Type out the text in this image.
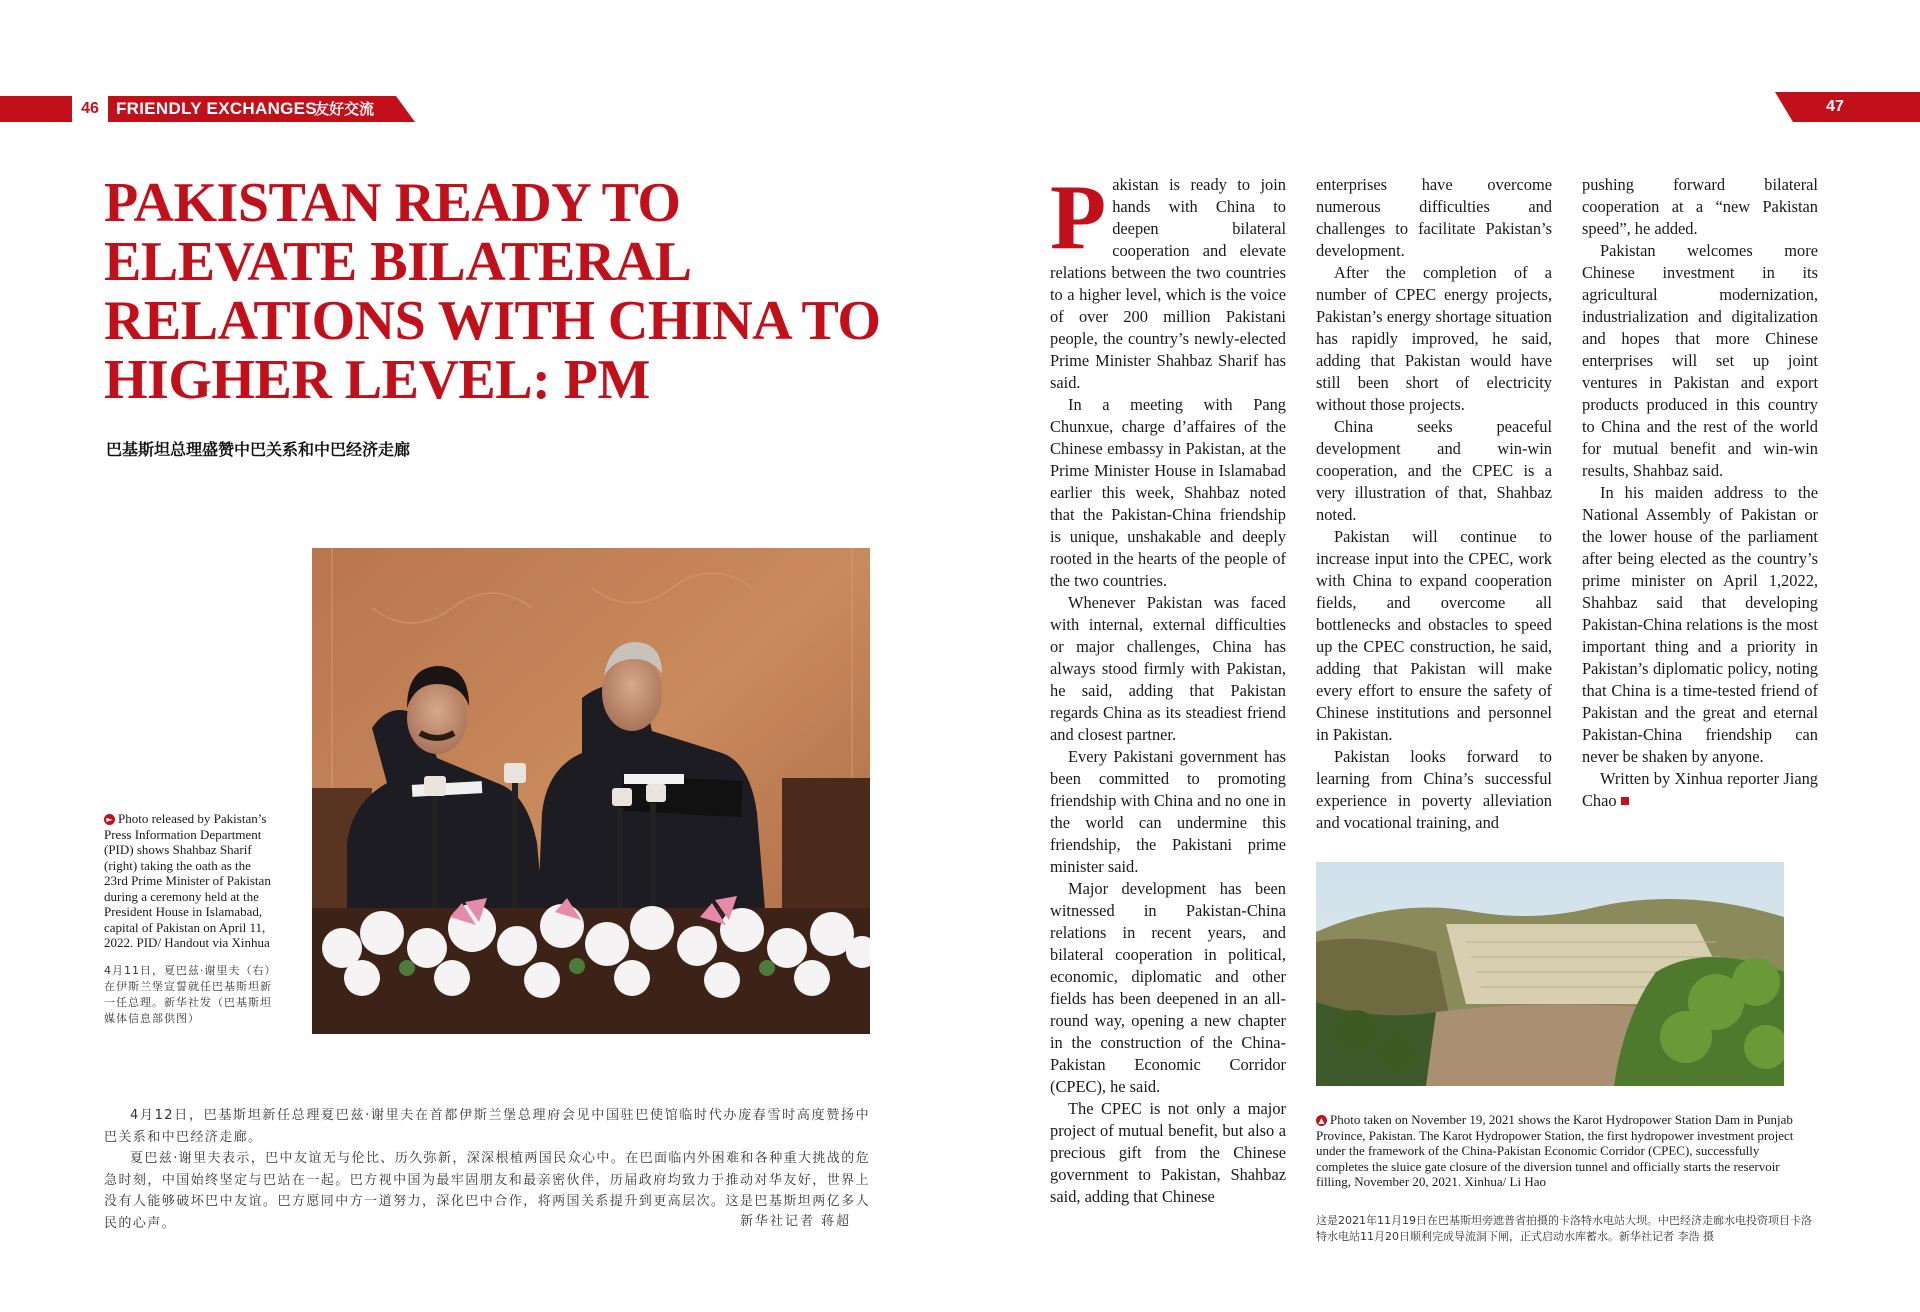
46	FRIENDLY EXCHANGES
友好交流	47
PAKISTAN READY TO
ELEVATE BILATERAL
RELATIONS WITH CHINA TO
HIGHER LEVEL: PM
巴基斯坦总理盛赞中巴关系和中巴经济走廊
► Photo released by Pakistan’s Press Information Department (PID) shows Shahbaz Sharif (right) taking the oath as the 23rd Prime Minister of Pakistan during a ceremony held at the President House in Islamabad, capital of Pakistan on April 11, 2022. PID/ Handout via Xinhua
4月11日，夏巴兹·谢里夫（右）在伊斯兰堡宣誓就任巴基斯坦新一任总理。新华社发（巴基斯坦媒体信息部供图）

4月12日，巴基斯坦新任总理夏巴兹·谢里夫在首都伊斯兰堡总理府会见中国驻巴使馆临时代办庞春雪时高度赞扬中巴关系和中巴经济走廊。

夏巴兹·谢里夫表示，巴中友谊无与伦比、历久弥新，深深根植两国民众心中。在巴面临内外困难和各种重大挑战的危急时刻，中国始终坚定与巴站在一起。巴方视中国为最牢固朋友和最亲密伙伴，历届政府均致力于推动对华友好，世界上没有人能够破坏巴中友谊。巴方愿同中方一道努力，深化巴中合作，将两国关系提升到更高层次。这是巴基斯坦两亿多人民的心声。	新华社记者 蒋超

Pakistan is ready to join hands with China to deepen bilateral cooperation and elevate relations between the two countries to a higher level, which is the voice of over 200 million Pakistani people, the country’s newly-elected Prime Minister Shahbaz Sharif has said.

In a meeting with Pang Chunxue, charge d’affaires of the Chinese embassy in Pakistan, at the Prime Minister House in Islamabad earlier this week, Shahbaz noted that the Pakistan-China friendship is unique, unshakable and deeply rooted in the hearts of the people of the two countries.

Whenever Pakistan was faced with internal, external difficulties or major challenges, China has always stood firmly with Pakistan, he said, adding that Pakistan regards China as its steadiest friend and closest partner.

Every Pakistani government has been committed to promoting friendship with China and no one in the world can undermine this friendship, the Pakistani prime minister said.

Major development has been witnessed in Pakistan-China relations in recent years, and bilateral cooperation in political, economic, diplomatic and other fields has been deepened in an all-round way, opening a new chapter in the construction of the China-Pakistan Economic Corridor (CPEC), he said.

The CPEC is not only a major project of mutual benefit, but also a precious gift from the Chinese government to Pakistan, Shahbaz said, adding that Chinese

enterprises have overcome numerous difficulties and challenges to facilitate Pakistan’s development.

After the completion of a number of CPEC energy projects, Pakistan’s energy shortage situation has rapidly improved, he said, adding that Pakistan would have still been short of electricity without those projects.

China seeks peaceful development and win-win cooperation, and the CPEC is a very illustration of that, Shahbaz noted.

Pakistan will continue to increase input into the CPEC, work with China to expand cooperation fields, and overcome all bottlenecks and obstacles to speed up the CPEC construction, he said, adding that Pakistan will make every effort to ensure the safety of Chinese institutions and personnel in Pakistan.

Pakistan looks forward to learning from China’s successful experience in poverty alleviation and vocational training, and

pushing forward bilateral cooperation at a “new Pakistan speed”, he added.

Pakistan welcomes more Chinese investment in its agricultural modernization, industrialization and digitalization and hopes that more Chinese enterprises will set up joint ventures in Pakistan and export products produced in this country to China and the rest of the world for mutual benefit and win-win results, Shahbaz said.

In his maiden address to the National Assembly of Pakistan or the lower house of the parliament after being elected as the country’s prime minister on April 1,2022, Shahbaz said that developing Pakistan-China relations is the most important thing and a priority in Pakistan’s diplomatic policy, noting that China is a time-tested friend of Pakistan and the great and eternal Pakistan-China friendship can never be shaken by anyone.

Written by Xinhua reporter Jiang Chao

▲ Photo taken on November 19, 2021 shows the Karot Hydropower Station Dam in Punjab Province, Pakistan. The Karot Hydropower Station, the first hydropower investment project under the framework of the China-Pakistan Economic Corridor (CPEC), successfully completes the sluice gate closure of the diversion tunnel and officially starts the reservoir filling, November 20, 2021. Xinhua/ Li Hao
这是2021年11月19日在巴基斯坦旁遮普省拍摄的卡洛特水电站大坝。中巴经济走廊水电投资项目卡洛特水电站11月20日顺利完成导流洞下闸，正式启动水库蓄水。新华社记者 李浩 摄
